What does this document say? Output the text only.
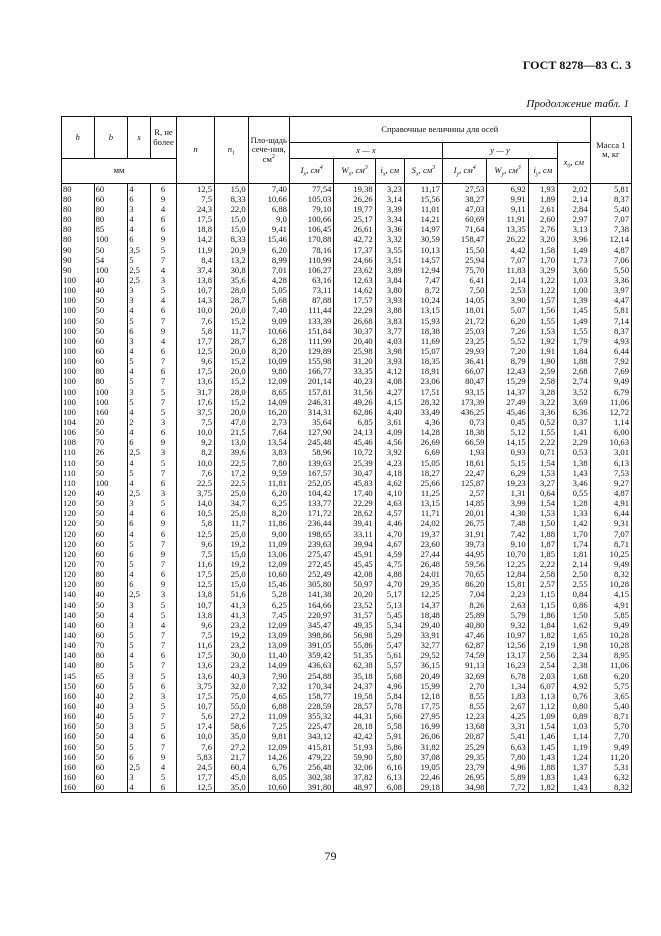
ГОСТ 8278—83 С. 3
Продолжение табл. 1
h	b	s	R, не более	n	$n_1$	Пло-щадь сече-ния, $см^2$	Справочные величины для осей								Масса 1 м, кг
							x — x				y — y			$x_0$, см	
мм							$I_x$, $см^4$	$W_x$, $см^3$	$i_x$, см	$S_x$, $см^3$	$I_y$, $см^4$	$W_y$, $см^3$	$i_y$, см		
80	60	4	6	12,5	15,0	7,40	77,54	19,38	3,23	11,17	27,53	6,92	1,93	2,02	5,81
80	60	6	9	7,5	8,33	10,66	105,03	26,26	3,14	15,56	38,27	9,91	1,89	2,14	8,37
80	80	3	4	24,3	22,0	6,88	79,10	19,77	3,39	11,01	47,03	9,11	2,61	2,84	5,40
80	80	4	6	17,5	15,0	9,0	100,66	25,17	3,34	14,21	60,69	11,91	2,60	2,97	7,07
80	85	4	6	18,8	15,0	9,41	106,45	26,61	3,36	14,97	71,64	13,35	2,76	3,13	7,38
80	100	6	9	14,2	8,33	15,46	170,88	42,72	3,32	30,59	158,47	26,22	3,20	3,96	12,14
90	50	3,5	5	11,9	20,9	6,20	78,16	17,37	3,55	10,13	15,50	4,42	1,58	1,49	4,87
90	54	5	7	8,4	13,2	8,99	110,99	24,66	3,51	14,57	25,94	7,07	1,70	1,73	7,06
90	100	2,5	4	37,4	30,8	7,01	106,27	23,62	3,89	12,94	75,70	11,83	3,29	3,60	5,50
100	40	2,5	3	13,8	35,6	4,28	63,16	12,63	3,84	7,47	6,41	2,14	1,22	1,03	3,36
100	40	3	5	10,7	28,0	5,05	73,11	14,62	3,80	8,72	7,50	2,53	1,22	1,00	3,97
100	50	3	4	14,3	28,7	5,68	87,88	17,57	3,93	10,24	14,05	3,90	1,57	1,39	4,47
100	50	4	6	10,0	20,0	7,40	111,44	22,29	3,88	13,15	18,01	5,07	1,56	1,45	5,81
100	50	5	7	7,6	15,2	9,09	133,39	26,68	3,83	15,93	21,72	6,20	1,55	1,49	7,14
100	50	6	9	5,8	11,7	10,66	151,84	30,37	3,77	18,38	25,03	7,26	1,53	1,55	8,37
100	60	3	4	17,7	28,7	6,28	111,99	20,40	4,03	11,69	23,25	5,52	1,92	1,79	4,93
100	60	4	6	12,5	20,0	8,20	129,89	25,98	3,98	15,07	29,93	7,20	1,91	1,84	6,44
100	60	5	7	9,6	15,2	10,09	155,98	31,20	3,93	18,35	36,41	8,79	1,90	1,88	7,92
100	80	4	6	17,5	20,0	9,80	166,77	33,35	4,12	18,91	66,07	12,43	2,59	2,68	7,69
100	80	5	7	13,6	15,2	12,09	201,14	40,23	4,08	23,06	80,47	15,29	2,58	2,74	9,49
100	100	3	5	31,7	28,0	8,65	157,81	31,56	4,27	17,51	93,15	14,37	3,28	3,52	6,79
100	100	5	7	17,6	15,2	14,09	246,31	49,26	4,15	28,32	173,39	27,49	3,22	3,69	11,06
100	160	4	5	37,5	20,0	16,20	314,31	62,86	4,40	33,49	436,25	45,46	3,36	6,36	12,72
104	20	2	3	7,5	47,0	2,73	35,64	6,85	3,61	4,36	0,73	0,45	0,52	0,37	1,14
106	50	4	6	10,0	21,5	7,64	127,90	24,13	4,09	14,28	18,38	5,12	1,55	1,41	6,00
108	70	6	9	9,2	13,0	13,54	245,48	45,46	4,56	26,69	66,59	14,15	2,22	2,29	10,63
110	26	2,5	3	8,2	39,6	3,83	58,96	10,72	3,92	6,69	1,93	0,93	0,71	0,53	3,01
110	50	4	5	10,0	22,5	7,80	139,63	25,39	4,23	15,05	18,61	5,15	1,54	1,38	6,13
110	50	5	7	7,6	17,2	9,59	167,57	30,47	4,18	18,27	22,47	6,29	1,53	1,43	7,53
110	100	4	6	22,5	22,5	11,81	252,05	45,83	4,62	25,66	125,87	19,23	3,27	3,46	9,27
120	40	2,5	3	3,75	25,0	6,20	104,42	17,40	4,10	11,25	2,57	1,31	0,64	0,55	4,87
120	50	3	5	14,0	34,7	6,25	133,77	22,29	4,63	13,15	14,85	3,99	1,54	1,28	4,91
120	50	4	6	10,5	25,0	8,20	171,72	28,62	4,57	11,71	20,01	4,30	1,53	1,33	6,44
120	50	6	9	5,8	11,7	11,86	236,44	39,41	4,46	24,02	26,75	7,48	1,50	1,42	9,31
120	60	4	6	12,5	25,0	9,00	198,65	33,11	4,70	19,37	31,91	7,42	1,88	1,70	7,07
120	60	5	7	9,6	19,2	11,09	239,63	39,94	4,67	23,60	39,73	9,10	1,87	1,74	8,71
120	60	6	9	7,5	15,0	13,06	275,47	45,91	4,59	27,44	44,95	10,70	1,85	1,81	10,25
120	70	5	7	11,6	19,2	12,09	272,45	45,45	4,75	26,48	59,56	12,25	2,22	2,14	9,49
120	80	4	6	17,5	25,0	10,60	252,49	42,08	4,88	24,01	70,65	12,84	2,58	2,50	8,32
120	80	6	9	12,5	15,0	15,46	305,80	50,97	4,70	29,35	86,20	15,81	2,57	2,55	10,28
140	40	2,5	3	13,8	51,6	5,28	141,38	20,20	5,17	12,25	7,04	2,23	1,15	0,84	4,15
140	50	3	5	10,7	41,3	6,25	164,66	23,52	5,13	14,37	8,26	2,63	1,15	0,86	4,91
140	50	4	5	13,8	41,3	7,45	220,97	31,57	5,45	18,48	25,89	5,79	1,86	1,50	5,85
140	60	3	4	9,6	23,2	12,09	345,47	49,35	5,34	29,40	40,80	9,32	1,84	1,62	9,49
140	60	5	7	7,5	19,2	13,09	398,86	56,98	5,29	33,91	47,46	10,97	1,82	1,65	10,28
140	70	5	7	11,6	23,2	13,09	391,05	55,86	5,47	32,77	62,87	12,56	2,19	1,98	10,28
140	80	4	6	17,5	30,0	11,40	359,42	51,35	5,61	29,52	74,59	13,17	2,56	2,34	8,95
140	80	5	7	13,6	23,2	14,09	436,63	62,38	5,57	36,15	91,13	16,23	2,54	2,38	11,06
145	65	3	5	13,6	40,3	7,90	254,88	35,18	5,68	20,49	32,69	6,78	2,03	1,68	6,20
150	60	5	6	3,75	32,0	7,32	170,34	24,37	4,96	15,99	2,70	1,34	6,07	4,92	5,75
160	40	2	3	17,5	75,0	4,65	158,77	19,58	5,84	12,18	8,55	1,83	1,13	0,76	3,65
160	40	3	5	10,7	55,0	6,88	228,59	28,57	5,78	17,75	8,55	2,67	1,12	0,80	5,40
160	40	5	7	5,6	27,2	11,09	355,32	44,31	5,66	27,95	12,23	4,25	1,09	0,89	8,71
160	50	3	5	17,4	58,6	7,25	225,47	28,18	5,58	16,99	13,68	3,31	1,54	1,03	5,70
160	50	4	6	10,0	35,0	9,81	343,12	42,42	5,91	26,06	20,87	5,41	1,46	1,14	7,70
160	50	5	7	7,6	27,2	12,09	415,81	51,93	5,86	31,82	25,29	6,63	1,45	1,19	9,49
160	50	6	9	5,83	21,7	14,26	479,22	59,90	5,80	37,08	29,35	7,80	1,43	1,24	11,20
160	60	2,5	4	24,5	60,4	6,76	256,48	32,06	6,16	19,05	23,79	4,96	1,88	1,37	5,31
160	60	3	5	17,7	45,0	8,05	302,38	37,82	6,13	22,46	26,95	5,89	1,83	1,43	6,32
160	60	4	6	12,5	35,0	10,60	391,80	48,97	6,08	29,18	34,98	7,72	1,82	1,43	8,32
79
